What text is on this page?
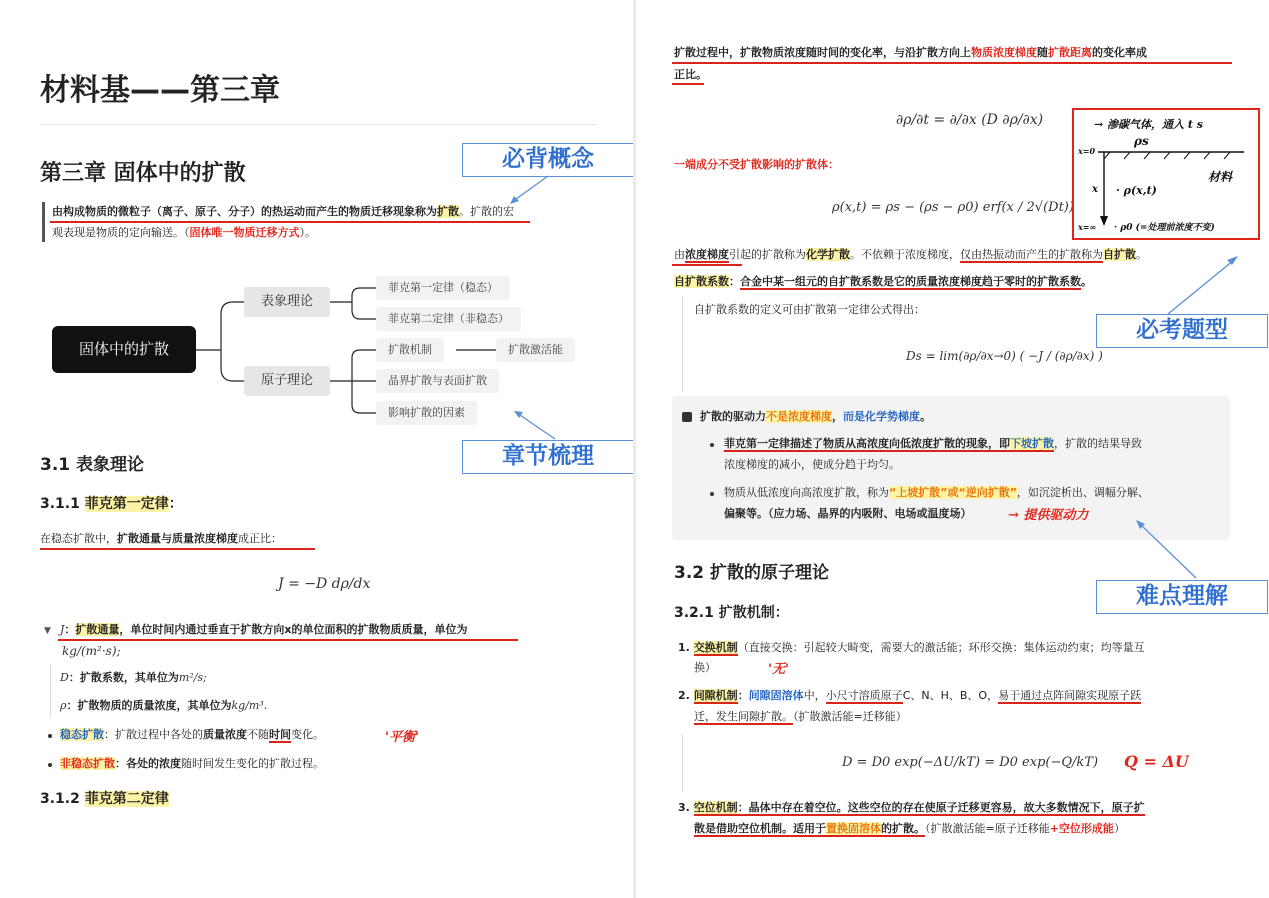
材料基——第三章
第三章 固体中的扩散
由构成物质的微粒子（离子、原子、分子）的热运动而产生的物质迁移现象称为扩散。扩散的宏
观表现是物质的定向输送。（固体唯一物质迁移方式）。
必背概念
固体中的扩散
表象理论
原子理论
菲克第一定律（稳态）
菲克第二定律（非稳态）
扩散机制	扩散激活能
晶界扩散与表面扩散
影响扩散的因素
章节梳理
3.1 表象理论
3.1.1 菲克第一定律：
在稳态扩散中，扩散通量与质量浓度梯度成正比：
J = −D dρ/dx
▼ J：扩散通量，单位时间内通过垂直于扩散方向x的单位面积的扩散物质质量，单位为
kg/(m²·s);
D：扩散系数，其单位为m²/s;
ρ：扩散物质的质量浓度，其单位为kg/m³.
稳态扩散：扩散过程中各处的质量浓度不随时间变化。	'平衡'
非稳态扩散：各处的浓度随时间发生变化的扩散过程。
3.1.2 菲克第二定律
扩散过程中，扩散物质浓度随时间的变化率，与沿扩散方向上物质浓度梯度随扩散距离的变化率成
正比。
∂ρ/∂t = ∂/∂x (D ∂ρ/∂x)
一端成分不受扩散影响的扩散体：
ρ(x,t) = ρs − (ρs − ρ0) erf(x / 2√(Dt))
→ 渗碳气体，通入 t s
ρs
x=0
材料
x · ρ(x,t)
x=∞ · ρ0 (=处理前浓度不变)
由浓度梯度引起的扩散称为化学扩散。不依赖于浓度梯度，仅由热振动而产生的扩散称为自扩散。
自扩散系数：合金中某一组元的自扩散系数是它的质量浓度梯度趋于零时的扩散系数。
自扩散系数的定义可由扩散第一定律公式得出：
Ds = lim(∂ρ/∂x→0) ( −J / (∂ρ/∂x) )
必考题型
扩散的驱动力不是浓度梯度，而是化学势梯度。
菲克第一定律描述了物质从高浓度向低浓度扩散的现象，即下坡扩散，扩散的结果导致
浓度梯度的减小，使成分趋于均匀。
物质从低浓度向高浓度扩散，称为“上坡扩散”或“逆向扩散”，如沉淀析出、调幅分解、
偏聚等。（应力场、晶界的内吸附、电场或温度场）	→ 提供驱动力
难点理解
3.2 扩散的原子理论
3.2.1 扩散机制：
1. 交换机制（直接交换：引起较大畸变，需要大的激活能；环形交换：集体运动约束；均等量互
换）	'无'
2. 间隙机制：间隙固溶体中，小尺寸溶质原子C、N、H、B、O，易于通过点阵间隙实现原子跃
迁，发生间隙扩散。（扩散激活能=迁移能）
D = D0 exp(−ΔU/kT) = D0 exp(−Q/kT) Q = ΔU
3. 空位机制：晶体中存在着空位。这些空位的存在使原子迁移更容易，故大多数情况下，原子扩
散是借助空位机制。适用于置换固溶体的扩散。（扩散激活能=原子迁移能+空位形成能）
